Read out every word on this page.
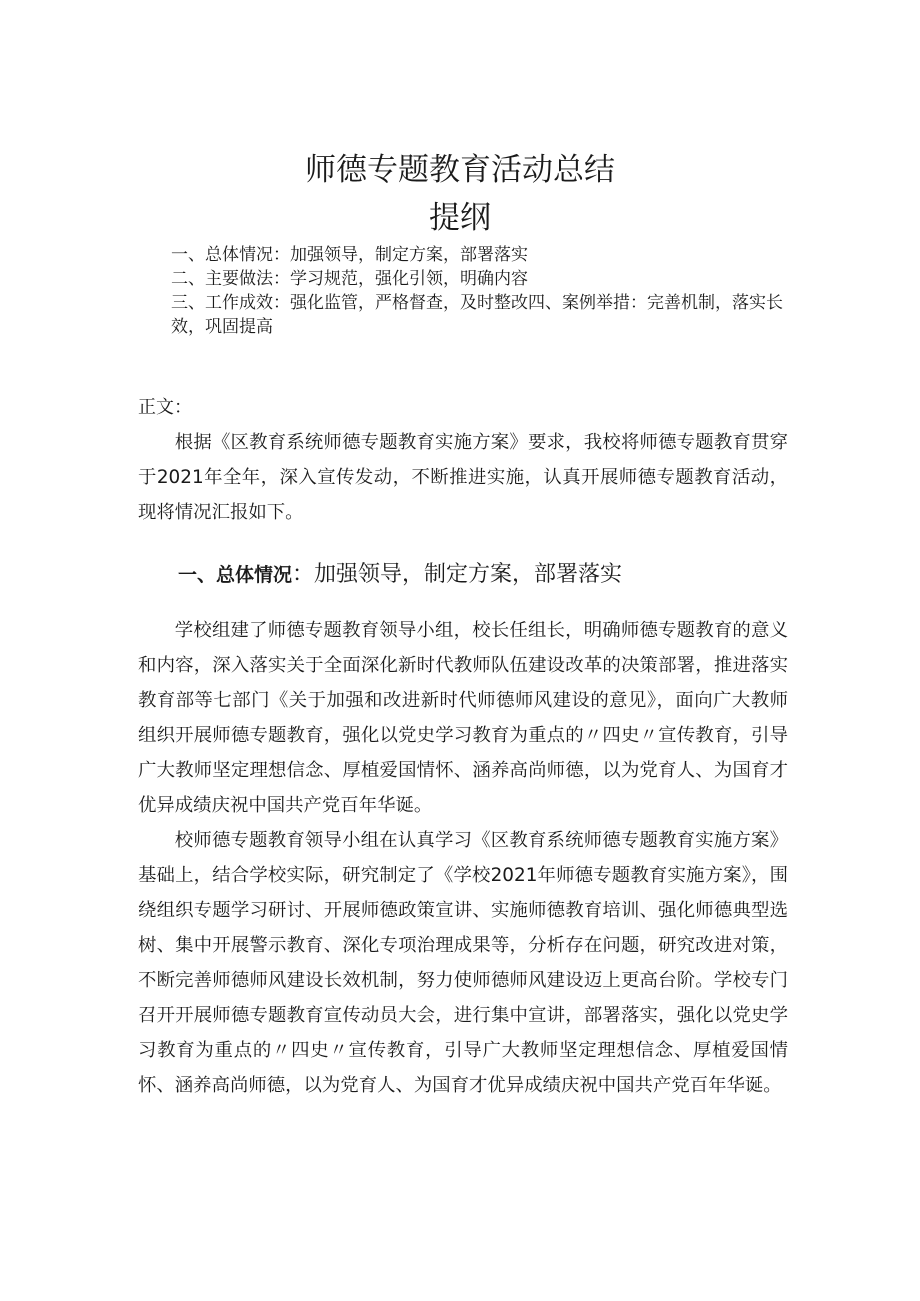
师德专题教育活动总结
提纲
一、总体情况：加强领导，制定方案，部署落实
二、主要做法：学习规范，强化引领，明确内容
三、工作成效：强化监管，严格督查，及时整改四、案例举措：完善机制，落实长效，巩固提高
正文：
根据《区教育系统师德专题教育实施方案》要求，我校将师德专题教育贯穿于2021年全年，深入宣传发动，不断推进实施，认真开展师德专题教育活动，现将情况汇报如下。
一、总体情况：加强领导，制定方案，部署落实
学校组建了师德专题教育领导小组，校长任组长，明确师德专题教育的意义和内容，深入落实关于全面深化新时代教师队伍建设改革的决策部署，推进落实教育部等七部门《关于加强和改进新时代师德师风建设的意见》，面向广大教师组织开展师德专题教育，强化以党史学习教育为重点的〃四史〃宣传教育，引导广大教师坚定理想信念、厚植爱国情怀、涵养高尚师德，以为党育人、为国育才优异成绩庆祝中国共产党百年华诞。
校师德专题教育领导小组在认真学习《区教育系统师德专题教育实施方案》基础上，结合学校实际，研究制定了《学校2021年师德专题教育实施方案》，围绕组织专题学习研讨、开展师德政策宣讲、实施师德教育培训、强化师德典型选树、集中开展警示教育、深化专项治理成果等，分析存在问题，研究改进对策，不断完善师德师风建设长效机制，努力使师德师风建设迈上更高台阶。学校专门召开开展师德专题教育宣传动员大会，进行集中宣讲，部署落实，强化以党史学习教育为重点的〃四史〃宣传教育，引导广大教师坚定理想信念、厚植爱国情怀、涵养高尚师德，以为党育人、为国育才优异成绩庆祝中国共产党百年华诞。
